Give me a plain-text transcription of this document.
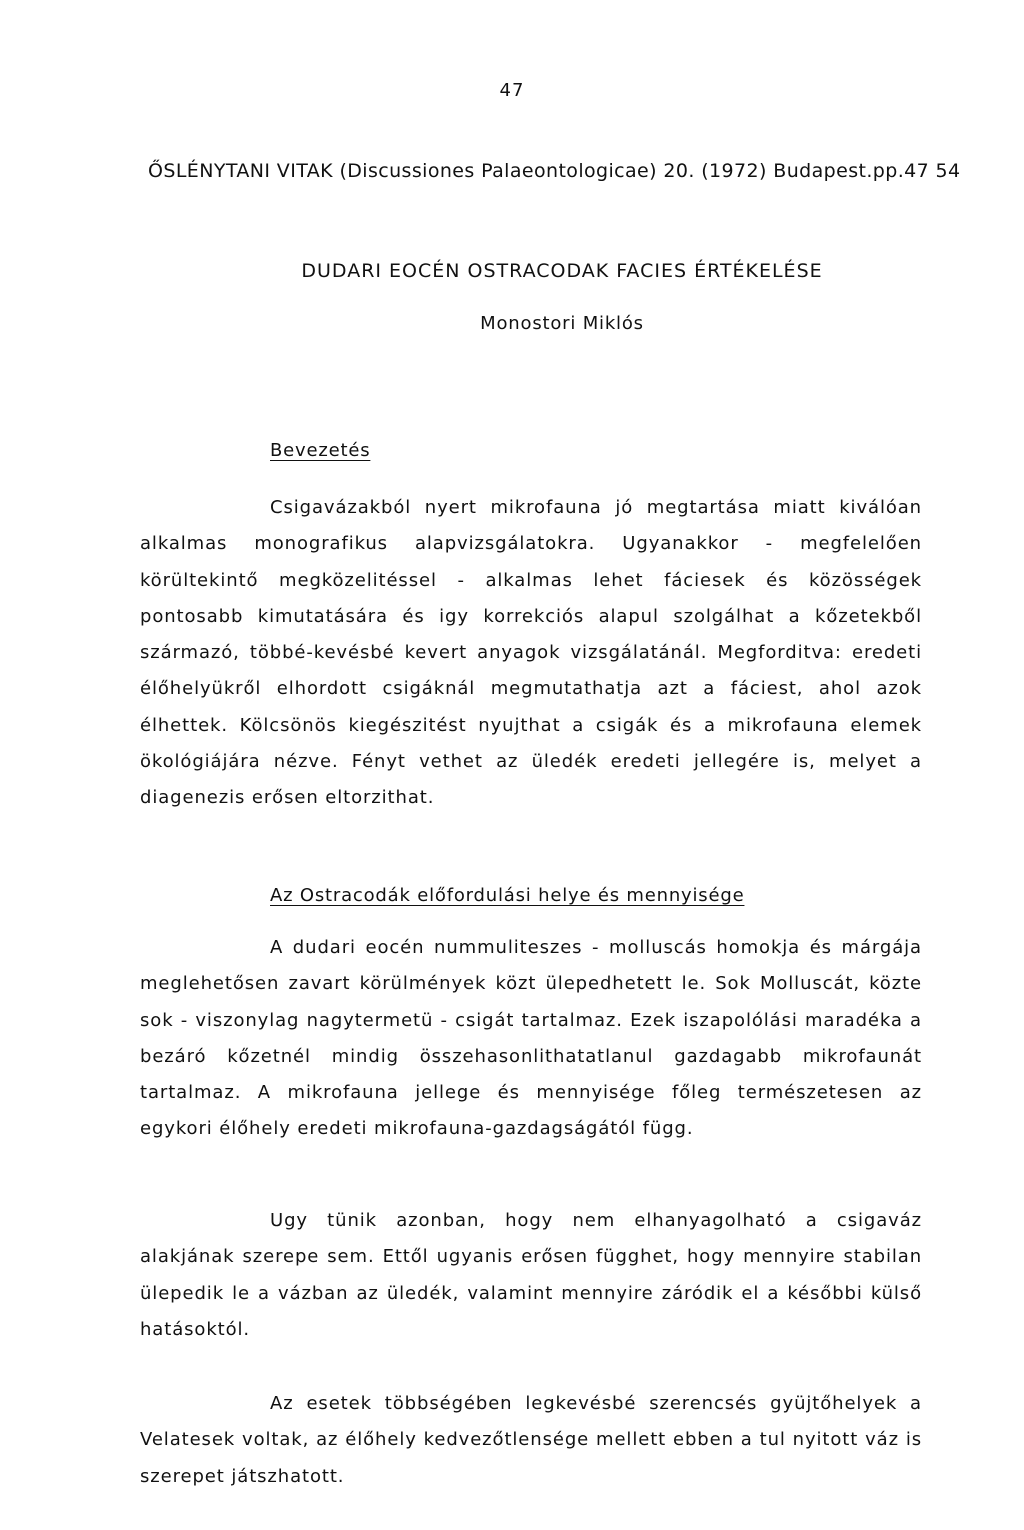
47
ŐSLÉNYTANI VITAK (Discussiones Palaeontologicae) 20. (1972) Budapest.pp.47 54
DUDARI EOCÉN OSTRACODAK FACIES ÉRTÉKELÉSE
Monostori Miklós
Bevezetés

Csigavázakból nyert mikrofauna jó megtartása miatt kiválóan alkalmas monografikus alapvizsgálatokra. Ugyanakkor - megfelelően körültekintő megközelitéssel - alkalmas lehet fáciesek és közösségek pontosabb kimutatására és igy korrekciós alapul szolgálhat a kőzetekből származó, többé-kevésbé kevert anyagok vizsgálatánál. Megforditva: eredeti élőhelyükről elhordott csigáknál megmutathatja azt a fáciest, ahol azok élhettek. Kölcsönös kiegészitést nyujthat a csigák és a mikrofauna elemek ökológiájára nézve. Fényt vethet az üledék eredeti jellegére is, melyet a diagenezis erősen eltorzithat.

Az Ostracodák előfordulási helye és mennyisége

A dudari eocén nummuliteszes - molluscás homokja és márgája meglehetősen zavart körülmények közt ülepedhetett le. Sok Molluscát, közte sok - viszonylag nagytermetü - csigát tartalmaz. Ezek iszapolólási maradéka a bezáró kőzetnél mindig összehasonlithatatlanul gazdagabb mikrofaunát tartalmaz. A mikrofauna jellege és mennyisége főleg természetesen az egykori élőhely eredeti mikrofauna-gazdagságától függ.

Ugy tünik azonban, hogy nem elhanyagolható a csigaváz alakjának szerepe sem. Ettől ugyanis erősen függhet, hogy mennyire stabilan ülepedik le a vázban az üledék, valamint mennyire záródik el a későbbi külső hatásoktól.

Az esetek többségében legkevésbé szerencsés gyüjtőhelyek a Velatesek voltak, az élőhely kedvezőtlensége mellett ebben a tul nyitott váz is szerepet játszhatott.
